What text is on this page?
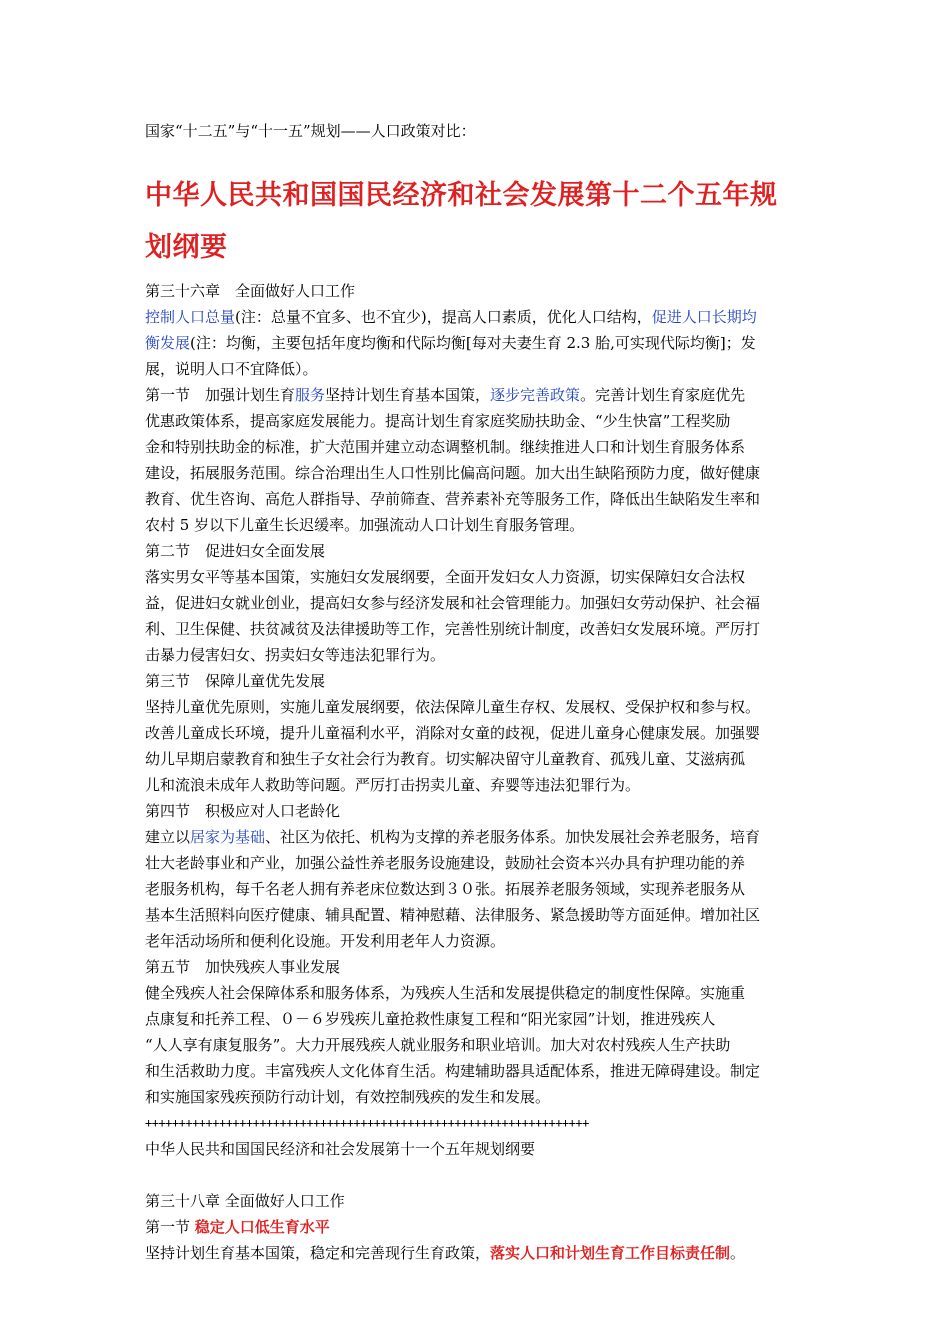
国家“十二五”与“十一五”规划——人口政策对比：
中华人民共和国国民经济和社会发展第十二个五年规
划纲要
第三十六章　全面做好人口工作
控制人口总量(注：总量不宜多、也不宜少)，提高人口素质，优化人口结构，促进人口长期均
衡发展(注：均衡，主要包括年度均衡和代际均衡[每对夫妻生育 2.3 胎,可实现代际均衡]；发
展，说明人口不宜降低）。
第一节　加强计划生育服务坚持计划生育基本国策，逐步完善政策。完善计划生育家庭优先
优惠政策体系，提高家庭发展能力。提高计划生育家庭奖励扶助金、“少生快富”工程奖励
金和特别扶助金的标准，扩大范围并建立动态调整机制。继续推进人口和计划生育服务体系
建设，拓展服务范围。综合治理出生人口性别比偏高问题。加大出生缺陷预防力度，做好健康
教育、优生咨询、高危人群指导、孕前筛查、营养素补充等服务工作，降低出生缺陷发生率和
农村 5 岁以下儿童生长迟缓率。加强流动人口计划生育服务管理。
第二节　促进妇女全面发展
落实男女平等基本国策，实施妇女发展纲要，全面开发妇女人力资源，切实保障妇女合法权
益，促进妇女就业创业，提高妇女参与经济发展和社会管理能力。加强妇女劳动保护、社会福
利、卫生保健、扶贫减贫及法律援助等工作，完善性别统计制度，改善妇女发展环境。严厉打
击暴力侵害妇女、拐卖妇女等违法犯罪行为。
第三节　保障儿童优先发展
坚持儿童优先原则，实施儿童发展纲要，依法保障儿童生存权、发展权、受保护权和参与权。
改善儿童成长环境，提升儿童福利水平，消除对女童的歧视，促进儿童身心健康发展。加强婴
幼儿早期启蒙教育和独生子女社会行为教育。切实解决留守儿童教育、孤残儿童、艾滋病孤
儿和流浪未成年人救助等问题。严厉打击拐卖儿童、弃婴等违法犯罪行为。
第四节　积极应对人口老龄化
建立以居家为基础、社区为依托、机构为支撑的养老服务体系。加快发展社会养老服务，培育
壮大老龄事业和产业，加强公益性养老服务设施建设，鼓励社会资本兴办具有护理功能的养
老服务机构，每千名老人拥有养老床位数达到３０张。拓展养老服务领域，实现养老服务从
基本生活照料向医疗健康、辅具配置、精神慰藉、法律服务、紧急援助等方面延伸。增加社区
老年活动场所和便利化设施。开发利用老年人力资源。
第五节　加快残疾人事业发展
健全残疾人社会保障体系和服务体系，为残疾人生活和发展提供稳定的制度性保障。实施重
点康复和托养工程、０－６岁残疾儿童抢救性康复工程和“阳光家园”计划，推进残疾人
“人人享有康复服务”。大力开展残疾人就业服务和职业培训。加大对农村残疾人生产扶助
和生活救助力度。丰富残疾人文化体育生活。构建辅助器具适配体系，推进无障碍建设。制定
和实施国家残疾预防行动计划，有效控制残疾的发生和发展。
++++++++++++++++++++++++++++++++++++++++++++++++++++++++++++++++++
中华人民共和国国民经济和社会发展第十一个五年规划纲要
第三十八章 全面做好人口工作
第一节 稳定人口低生育水平
坚持计划生育基本国策，稳定和完善现行生育政策，落实人口和计划生育工作目标责任制。
